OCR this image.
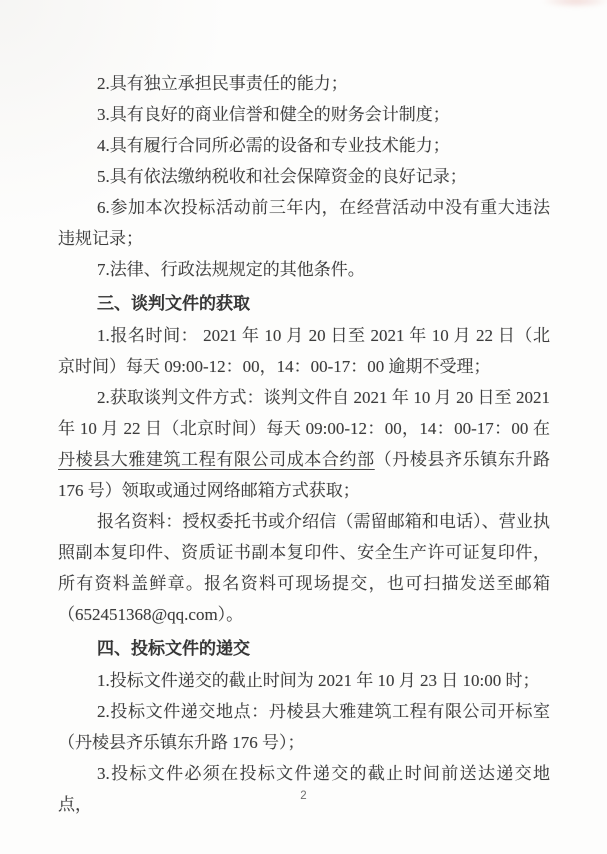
2.具有独立承担民事责任的能力；

3.具有良好的商业信誉和健全的财务会计制度；

4.具有履行合同所必需的设备和专业技术能力；

5.具有依法缴纳税收和社会保障资金的良好记录；

6.参加本次投标活动前三年内，在经营活动中没有重大违法违规记录；

7.法律、行政法规规定的其他条件。

三、谈判文件的获取

1.报名时间： 2021 年 10 月 20 日至 2021 年 10 月 22 日（北京时间）每天 09:00-12：00，14：00-17：00 逾期不受理；

2.获取谈判文件方式：谈判文件自 2021 年 10 月 20 日至 2021 年 10 月 22 日（北京时间）每天 09:00-12：00，14：00-17：00 在丹棱县大雅建筑工程有限公司成本合约部（丹棱县齐乐镇东升路 176 号）领取或通过网络邮箱方式获取；

报名资料：授权委托书或介绍信（需留邮箱和电话）、营业执照副本复印件、资质证书副本复印件、安全生产许可证复印件，所有资料盖鲜章。报名资料可现场提交，也可扫描发送至邮箱（652451368@qq.com）。

四、投标文件的递交

1.投标文件递交的截止时间为 2021 年 10 月 23 日 10:00 时；

2.投标文件递交地点：丹棱县大雅建筑工程有限公司开标室（丹棱县齐乐镇东升路 176 号）；

3.投标文件必须在投标文件递交的截止时间前送达递交地点，	2
